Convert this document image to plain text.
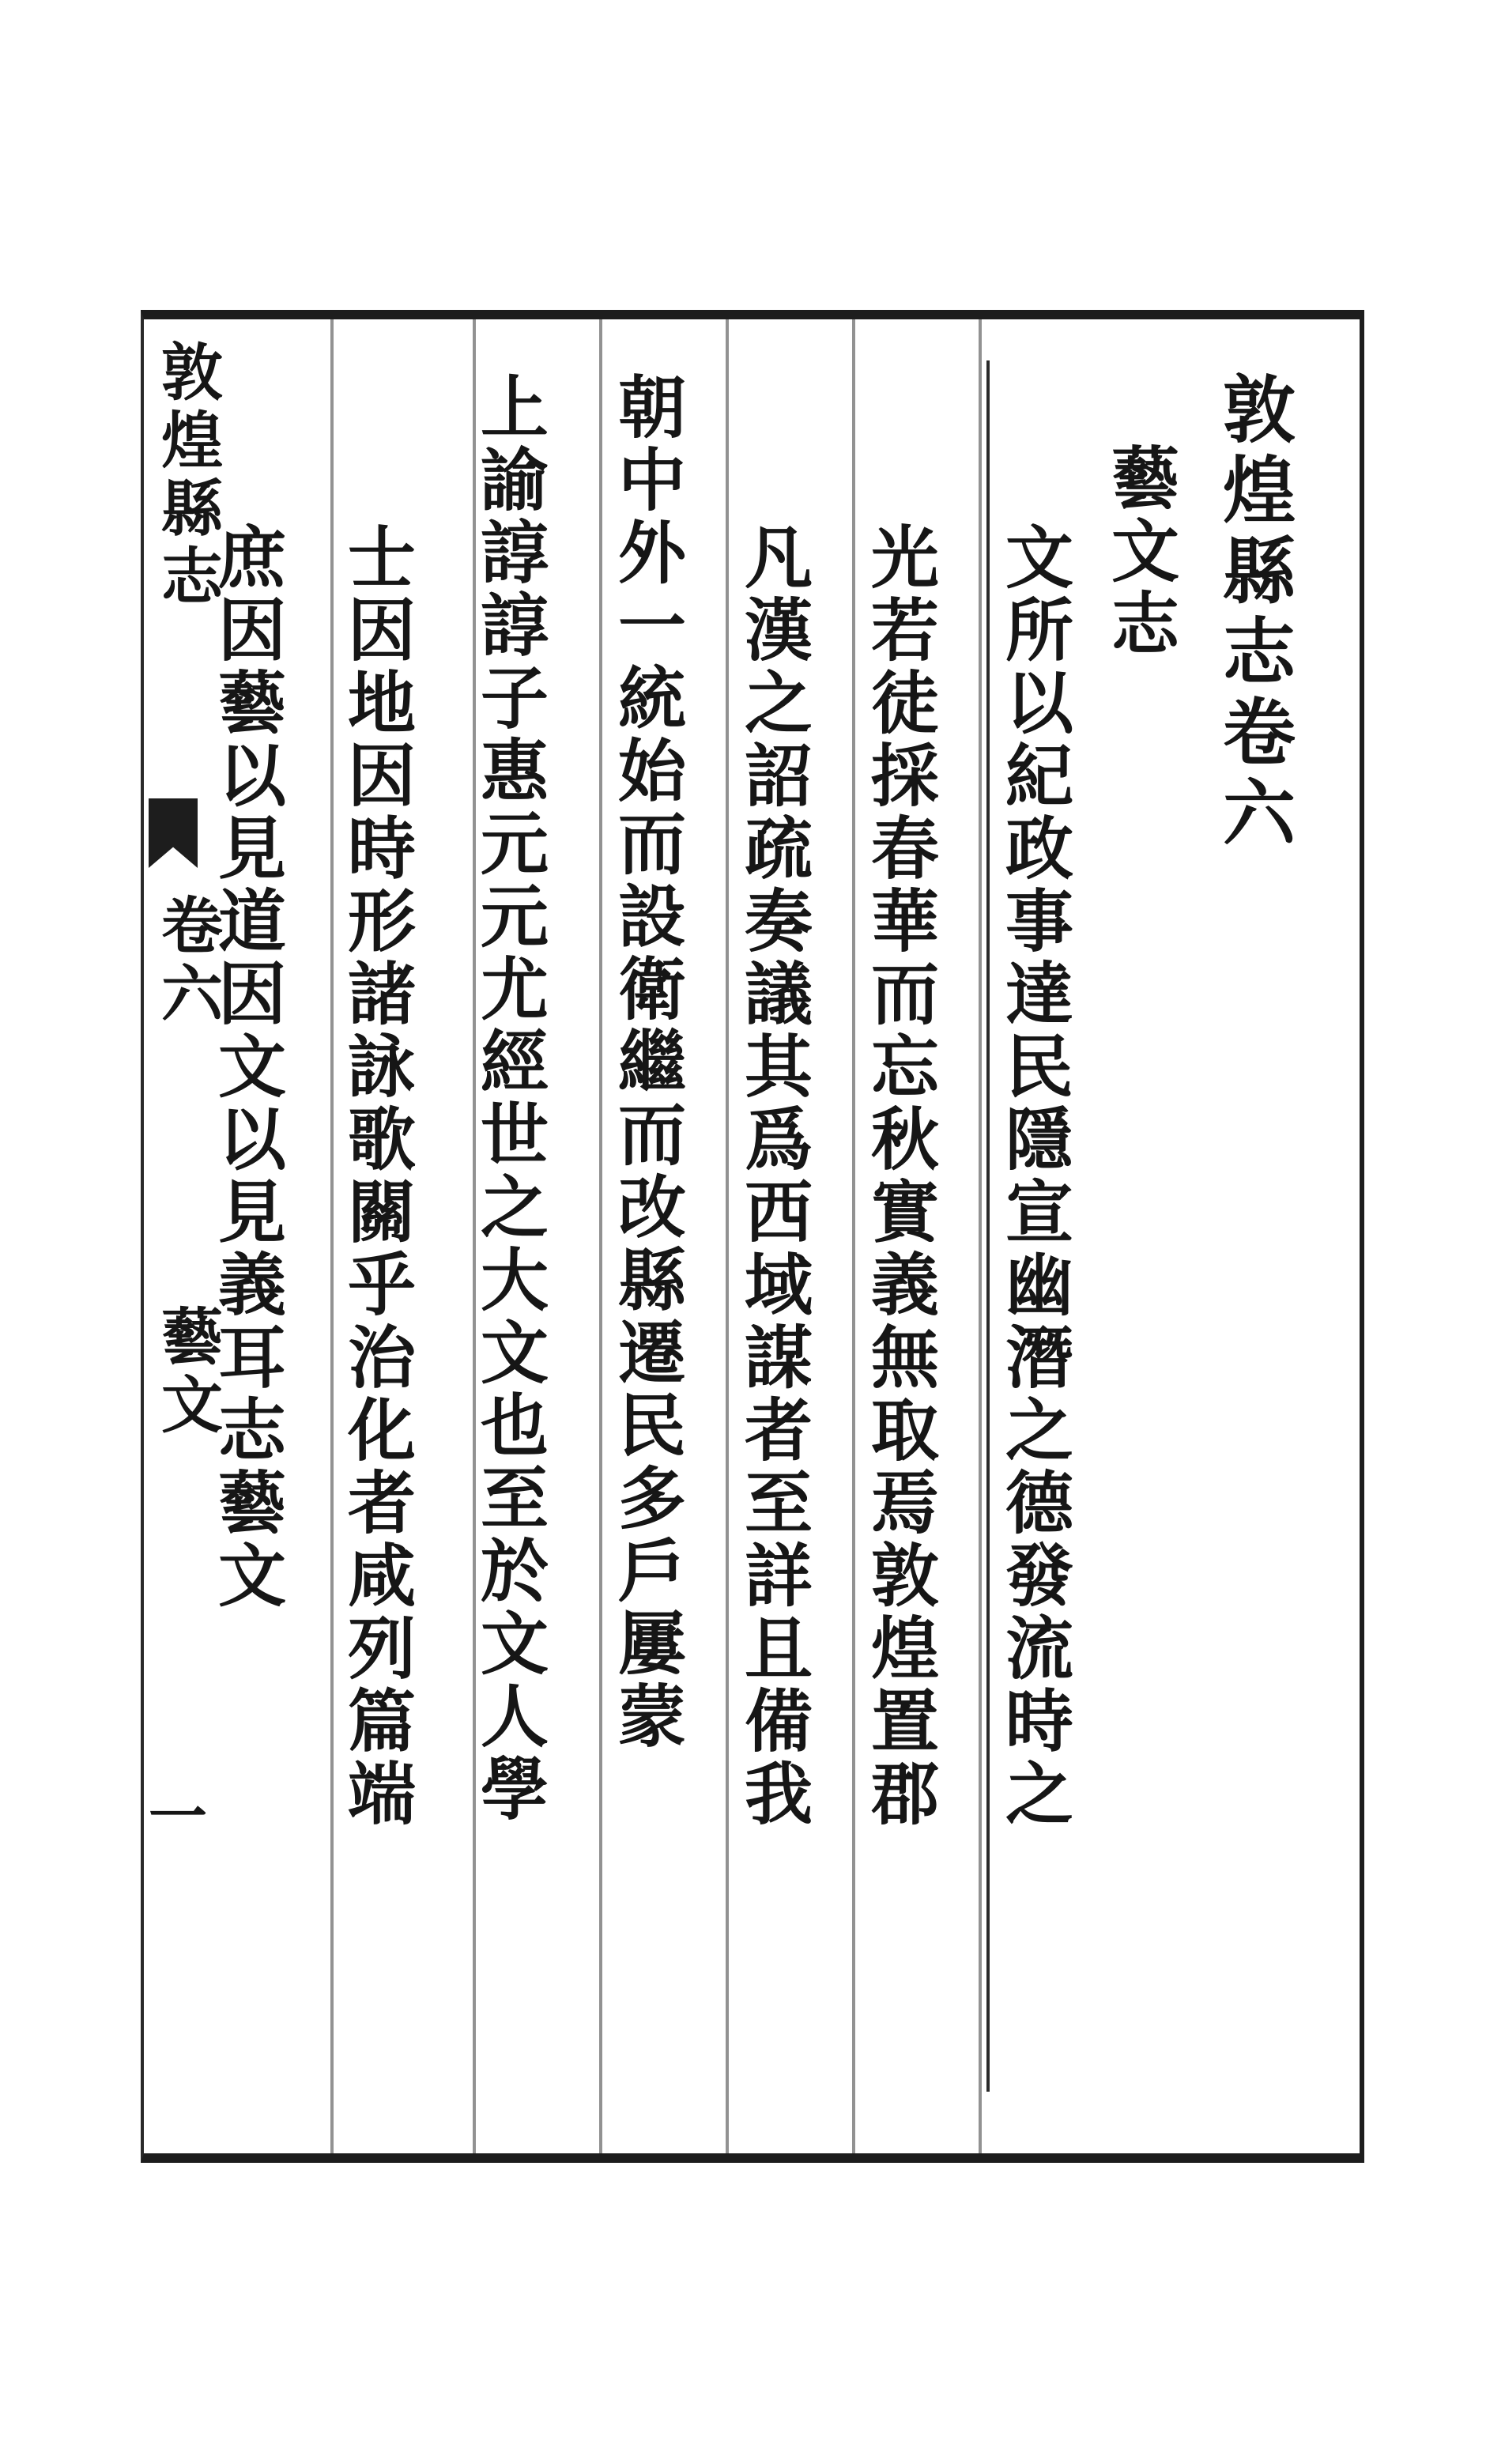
敦煌縣志卷六
藝文志
文所以紀政事達民隱宣幽潛之德發流時之
光若徒採春華而忘秋實義無取焉敦煌置郡
凡漢之詔疏奏議其爲西域謀者至詳且備我
朝中外一統始而設衛繼而改縣遷民多戶屢蒙
上諭諄諄子惠元元尤經世之大文也至於文人學
士因地因時形諸詠歌關乎治化者咸列篇端
庶因藝以見道因文以見義耳志藝文
敦煌縣志
卷六
藝文
一
